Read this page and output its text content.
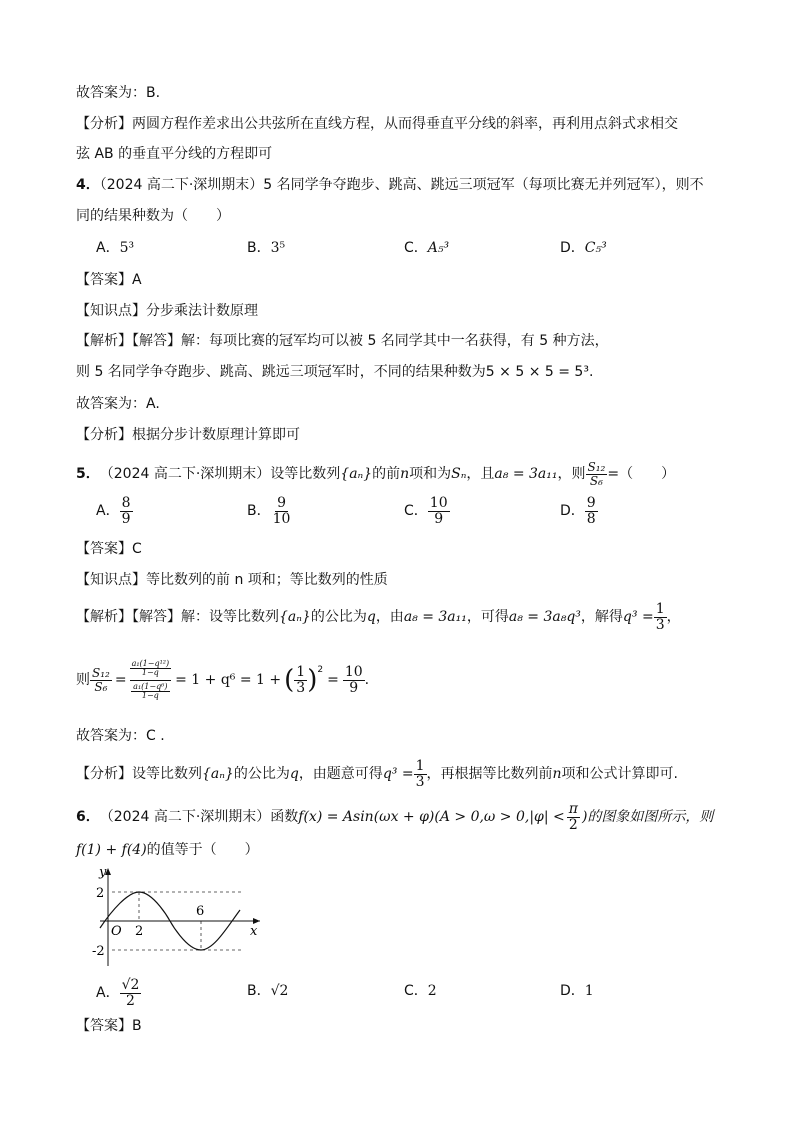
故答案为：B.
【分析】两圆方程作差求出公共弦所在直线方程，从而得垂直平分线的斜率，再利用点斜式求相交
弦 AB 的垂直平分线的方程即可
4．（2024 高二下·深圳期末）5 名同学争夺跑步、跳高、跳远三项冠军（每项比赛无并列冠军），则不
同的结果种数为（　　）
A．5³	B．3⁵	C．A₅³	D．C₅³
【答案】A
【知识点】分步乘法计数原理
【解析】【解答】解：每项比赛的冠军均可以被 5 名同学其中一名获得，有 5 种方法，
则 5 名同学争夺跑步、跳高、跳远三项冠军时，不同的结果种数为5 × 5 × 5 = 5³.
故答案为：A.
【分析】根据分步计数原理计算即可
5． （2024 高二下·深圳期末） 设等比数列 {aₙ} 的前 n 项和为 Sₙ ，且 a₈ = 3a₁₁ ，则 $\frac{\text{S₁₂}}{\text{S₆}}$ =（　　）
A． $\frac{8}{9}$	B． $\frac{9}{10}$	C． $\frac{10}{9}$	D． $\frac{9}{8}$
【答案】C
【知识点】等比数列的前 n 项和；等比数列的性质
【解析】【解答】解：设等比数列 {aₙ} 的公比为 q ，由 a₈ = 3a₁₁ ，可得 a₈ = 3a₈q³ ，解得 $q^3 = \frac{1}{3}$ ，
则 $\frac{\text{S₁₂}}{\text{S₆}}$ =
$\frac{\text{a₁(1−q¹²)}}{1-q}$
$\frac{\text{a₁(1−q⁶)}}{1-q}$
= 1 + q⁶ = 1 + ( $\frac{1}{3} )^2$
= $\frac{10}{9}$ .
故答案为：C .
【分析】设等比数列 {aₙ} 的公比为 q ，由题意可得 $q^3 = \frac{1}{3}$ ，再根据等比数列前 n 项和公式计算即可.
6． （2024 高二下·深圳期末） 函数 $f(x) = Asin(\omega x + \varphi)(A > 0,\omega > 0,|\varphi| < \frac{\pi}{2}$ )的图象如图所示，则
f(1) + f(4)的值等于（　　）
y
x
O
2
-2
2
6
A． $\frac{√2}{2}$	B．√2	C．2	D．1
【答案】B
